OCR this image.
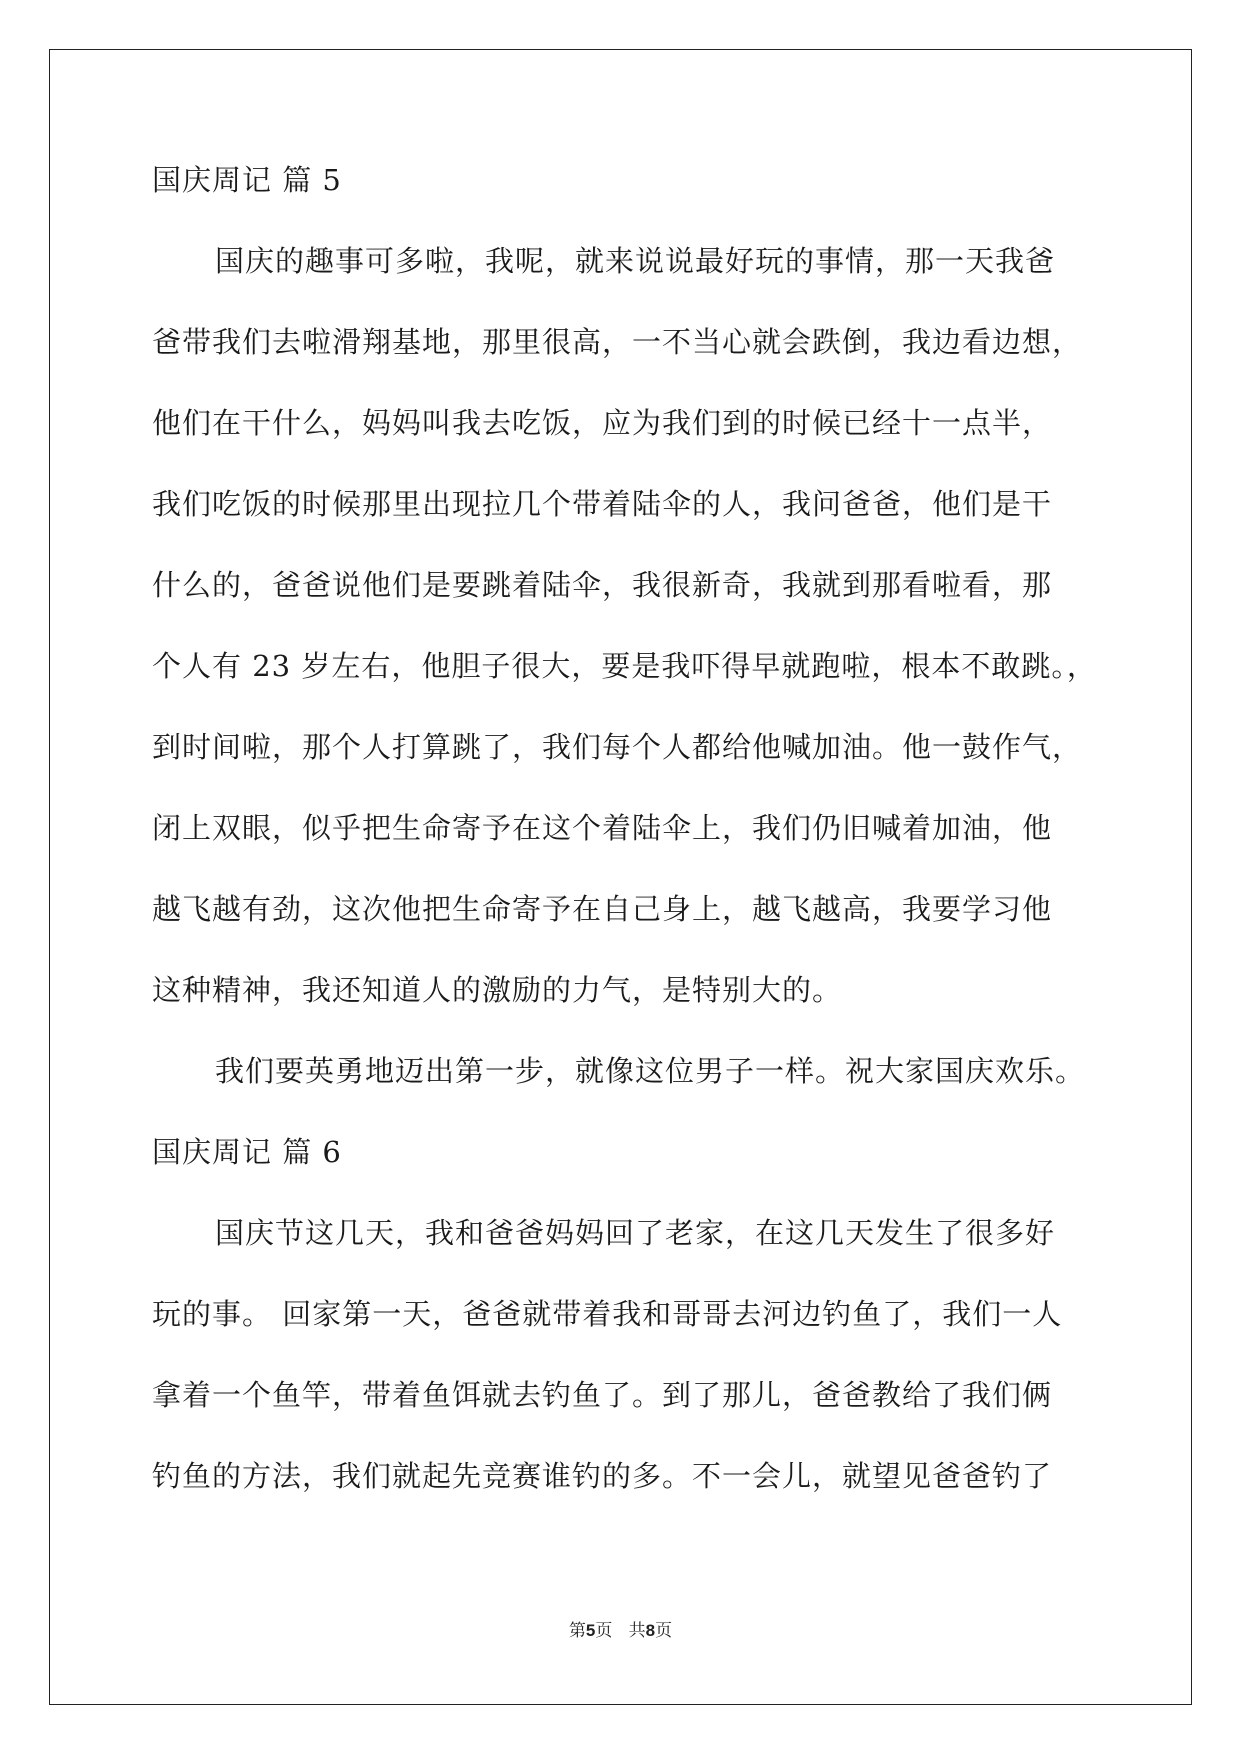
国庆周记 篇 5
国庆的趣事可多啦，我呢，就来说说最好玩的事情，那一天我爸
爸带我们去啦滑翔基地，那里很高，一不当心就会跌倒，我边看边想，
他们在干什么，妈妈叫我去吃饭，应为我们到的时候已经十一点半，
我们吃饭的时候那里出现拉几个带着陆伞的人，我问爸爸，他们是干
什么的，爸爸说他们是要跳着陆伞，我很新奇，我就到那看啦看，那
个人有 23 岁左右，他胆子很大，要是我吓得早就跑啦，根本不敢跳。，
到时间啦，那个人打算跳了，我们每个人都给他喊加油。他一鼓作气，
闭上双眼，似乎把生命寄予在这个着陆伞上，我们仍旧喊着加油，他
越飞越有劲，这次他把生命寄予在自己身上，越飞越高，我要学习他
这种精神，我还知道人的激励的力气，是特别大的。
我们要英勇地迈出第一步，就像这位男子一样。祝大家国庆欢乐。
国庆周记 篇 6
国庆节这几天，我和爸爸妈妈回了老家，在这几天发生了很多好
玩的事。 回家第一天，爸爸就带着我和哥哥去河边钓鱼了，我们一人
拿着一个鱼竿，带着鱼饵就去钓鱼了。到了那儿，爸爸教给了我们俩
钓鱼的方法，我们就起先竞赛谁钓的多。不一会儿，就望见爸爸钓了
第5页 共8页
